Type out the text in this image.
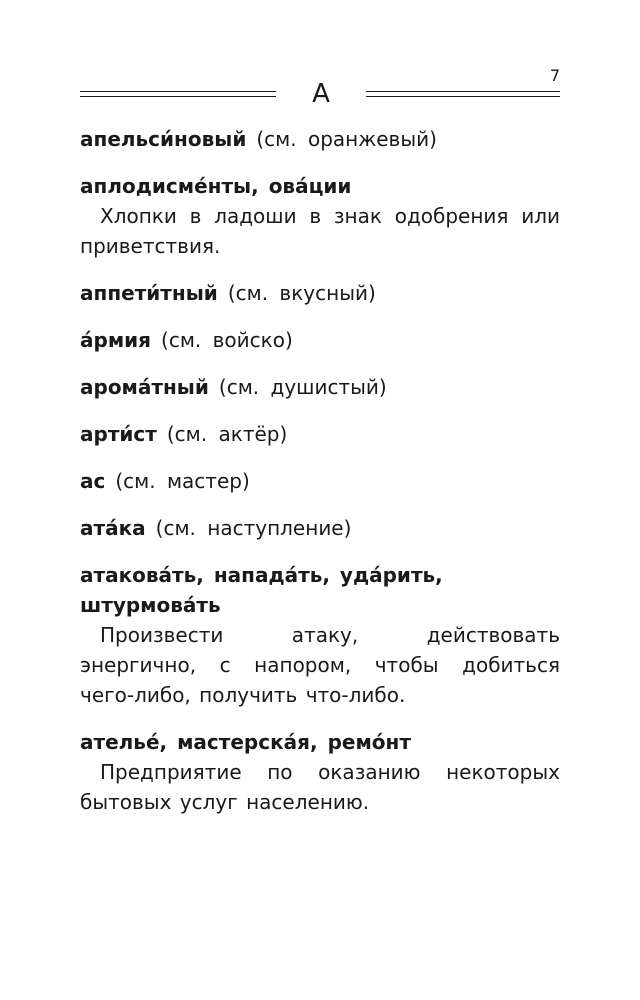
А
7
апельси́новый (см. оранжевый)
аплодисме́нты, ова́ции
Хлопки в ладоши в знак одобрения или приветствия.
аппети́тный (см. вкусный)
а́рмия (см. войско)
арома́тный (см. душистый)
арти́ст (см. актёр)
ас (см. мастер)
ата́ка (см. наступление)
атакова́ть, напада́ть, уда́рить, штурмова́ть
Произвести атаку, действовать энергично, с напором, чтобы добиться чего-либо, получить что-либо.
ателье́, мастерска́я, ремо́нт
Предприятие по оказанию некоторых бытовых услуг населению.
